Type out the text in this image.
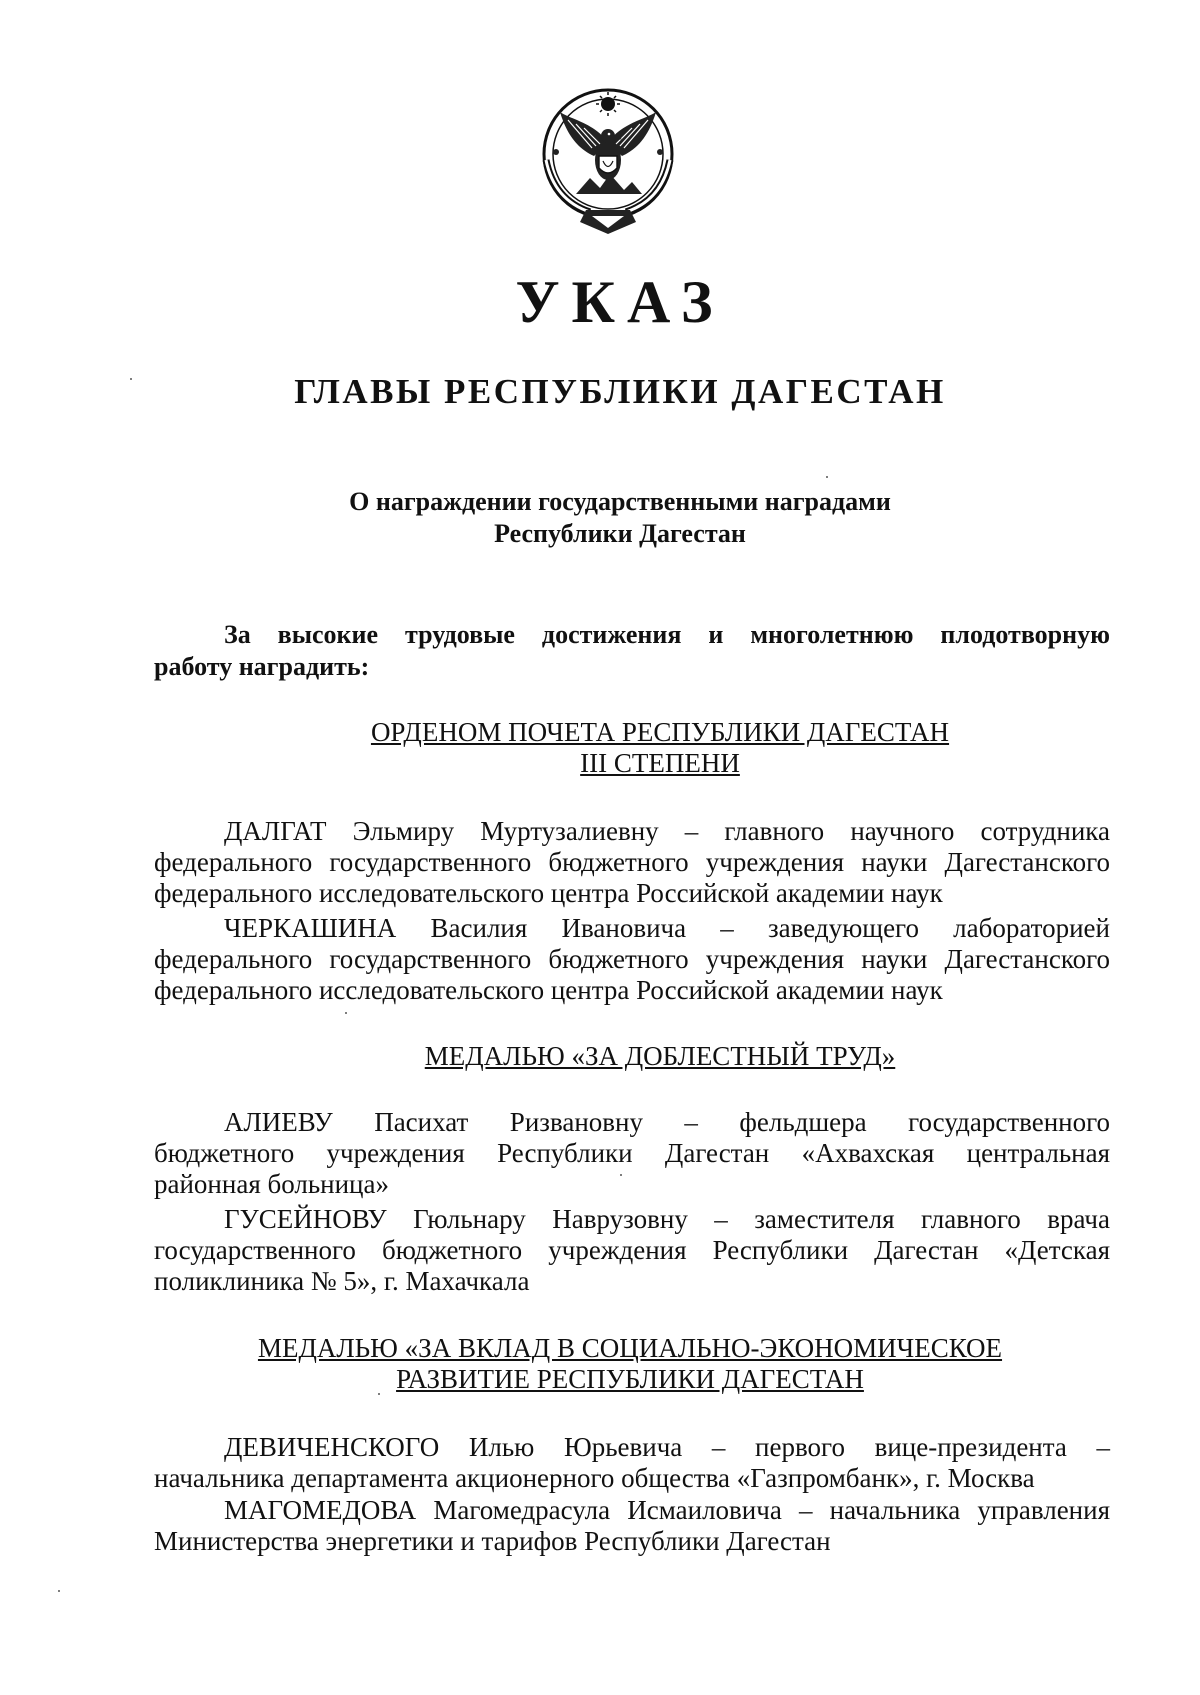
УКАЗ
ГЛАВЫ РЕСПУБЛИКИ ДАГЕСТАН
О награждении государственными наградами
Республики Дагестан
За высокие трудовые достижения и многолетнюю плодотворную
работу наградить:
ОРДЕНОМ ПОЧЕТА РЕСПУБЛИКИ ДАГЕСТАН
III СТЕПЕНИ
ДАЛГАТ Эльмиру Муртузалиевну – главного научного сотрудника
федерального государственного бюджетного учреждения науки Дагестанского
федерального исследовательского центра Российской академии наук
ЧЕРКАШИНА Василия Ивановича – заведующего лабораторией
федерального государственного бюджетного учреждения науки Дагестанского
федерального исследовательского центра Российской академии наук
МЕДАЛЬЮ «ЗА ДОБЛЕСТНЫЙ ТРУД»
АЛИЕВУ Пасихат Ризвановну – фельдшера государственного
бюджетного учреждения Республики Дагестан «Ахвахская центральная
районная больница»
ГУСЕЙНОВУ Гюльнару Наврузовну – заместителя главного врача
государственного бюджетного учреждения Республики Дагестан «Детская
поликлиника № 5», г. Махачкала
МЕДАЛЬЮ «ЗА ВКЛАД В СОЦИАЛЬНО-ЭКОНОМИЧЕСКОЕ
РАЗВИТИЕ РЕСПУБЛИКИ ДАГЕСТАН
ДЕВИЧЕНСКОГО Илью Юрьевича – первого вице-президента –
начальника департамента акционерного общества «Газпромбанк», г. Москва
МАГОМЕДОВА Магомедрасула Исмаиловича – начальника управления
Министерства энергетики и тарифов Республики Дагестан
